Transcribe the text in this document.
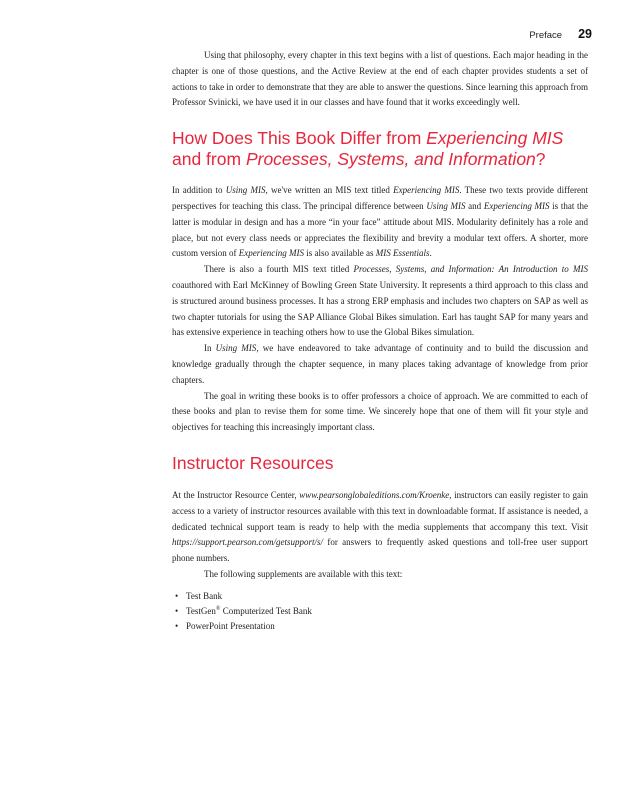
Preface 29

Using that philosophy, every chapter in this text begins with a list of questions. Each major heading in the chapter is one of those questions, and the Active Review at the end of each chapter provides students a set of actions to take in order to demonstrate that they are able to answer the questions. Since learning this approach from Professor Svinicki, we have used it in our classes and have found that it works exceedingly well.

How Does This Book Differ from Experiencing MIS and from Processes, Systems, and Information?

In addition to Using MIS, we've written an MIS text titled Experiencing MIS. These two texts provide different perspectives for teaching this class. The principal difference between Using MIS and Experiencing MIS is that the latter is modular in design and has a more “in your face” attitude about MIS. Modularity definitely has a role and place, but not every class needs or appreciates the flexibility and brevity a modular text offers. A shorter, more custom version of Experiencing MIS is also available as MIS Essentials.

There is also a fourth MIS text titled Processes, Systems, and Information: An Introduction to MIS coauthored with Earl McKinney of Bowling Green State University. It represents a third approach to this class and is structured around business processes. It has a strong ERP emphasis and includes two chapters on SAP as well as two chapter tutorials for using the SAP Alliance Global Bikes simulation. Earl has taught SAP for many years and has extensive experience in teaching others how to use the Global Bikes simulation.

In Using MIS, we have endeavored to take advantage of continuity and to build the discussion and knowledge gradually through the chapter sequence, in many places taking advantage of knowledge from prior chapters.

The goal in writing these books is to offer professors a choice of approach. We are committed to each of these books and plan to revise them for some time. We sincerely hope that one of them will fit your style and objectives for teaching this increasingly important class.

Instructor Resources

At the Instructor Resource Center, www.pearsonglobaleditions.com/Kroenke, instructors can easily register to gain access to a variety of instructor resources available with this text in downloadable format. If assistance is needed, a dedicated technical support team is ready to help with the media supplements that accompany this text. Visit https://support.pearson.com/getsupport/s/ for answers to frequently asked questions and toll-free user support phone numbers.

The following supplements are available with this text:

• Test Bank
• TestGen® Computerized Test Bank
• PowerPoint Presentation
